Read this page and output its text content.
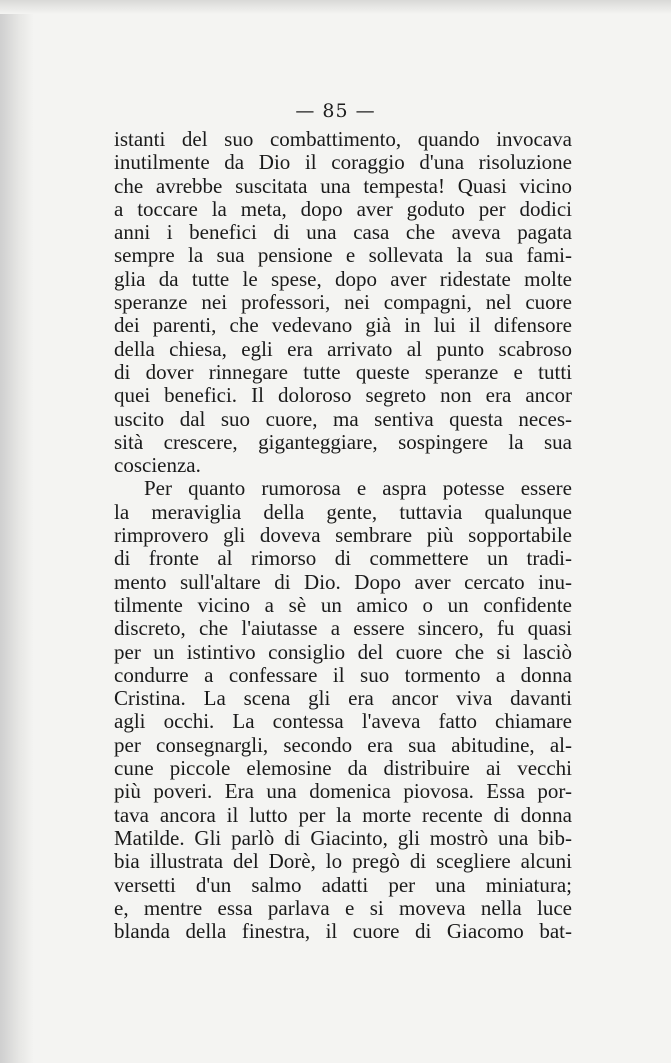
— 85 —
istanti del suo combattimento, quando invocava
inutilmente da Dio il coraggio d'una risoluzione
che avrebbe suscitata una tempesta! Quasi vicino
a toccare la meta, dopo aver goduto per dodici
anni i benefici di una casa che aveva pagata
sempre la sua pensione e sollevata la sua fami-
glia da tutte le spese, dopo aver ridestate molte
speranze nei professori, nei compagni, nel cuore
dei parenti, che vedevano già in lui il difensore
della chiesa, egli era arrivato al punto scabroso
di dover rinnegare tutte queste speranze e tutti
quei benefici. Il doloroso segreto non era ancor
uscito dal suo cuore, ma sentiva questa neces-
sità crescere, giganteggiare, sospingere la sua
coscienza.
Per quanto rumorosa e aspra potesse essere
la meraviglia della gente, tuttavia qualunque
rimprovero gli doveva sembrare più sopportabile
di fronte al rimorso di commettere un tradi-
mento sull'altare di Dio. Dopo aver cercato inu-
tilmente vicino a sè un amico o un confidente
discreto, che l'aiutasse a essere sincero, fu quasi
per un istintivo consiglio del cuore che si lasciò
condurre a confessare il suo tormento a donna
Cristina. La scena gli era ancor viva davanti
agli occhi. La contessa l'aveva fatto chiamare
per consegnargli, secondo era sua abitudine, al-
cune piccole elemosine da distribuire ai vecchi
più poveri. Era una domenica piovosa. Essa por-
tava ancora il lutto per la morte recente di donna
Matilde. Gli parlò di Giacinto, gli mostrò una bib-
bia illustrata del Dorè, lo pregò di scegliere alcuni
versetti d'un salmo adatti per una miniatura;
e, mentre essa parlava e si moveva nella luce
blanda della finestra, il cuore di Giacomo bat-
